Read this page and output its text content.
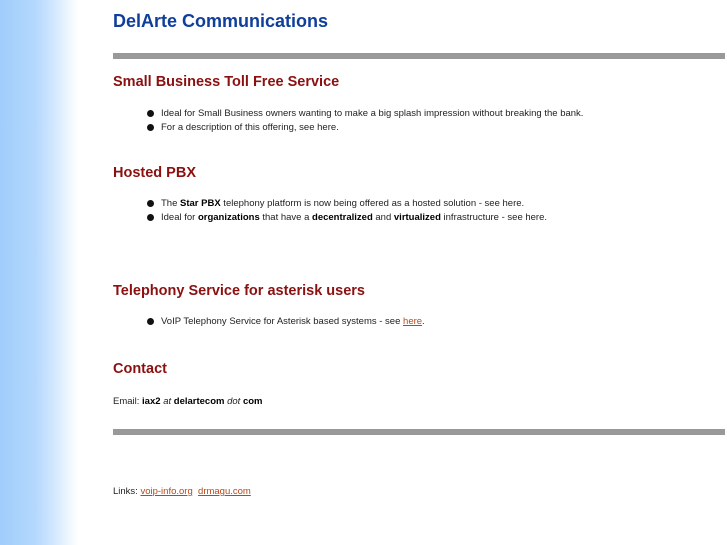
DelArte Communications
Small Business Toll Free Service
Ideal for Small Business owners wanting to make a big splash impression without breaking the bank.
For a description of this offering, see here.
Hosted PBX
The Star PBX telephony platform is now being offered as a hosted solution - see here.
Ideal for organizations that have a decentralized and virtualized infrastructure - see here.
Telephony Service for asterisk users
VoIP Telephony Service for Asterisk based systems - see here.
Contact
Email: iax2 at delartecom dot com
Links: voip-info.org drmagu.com
